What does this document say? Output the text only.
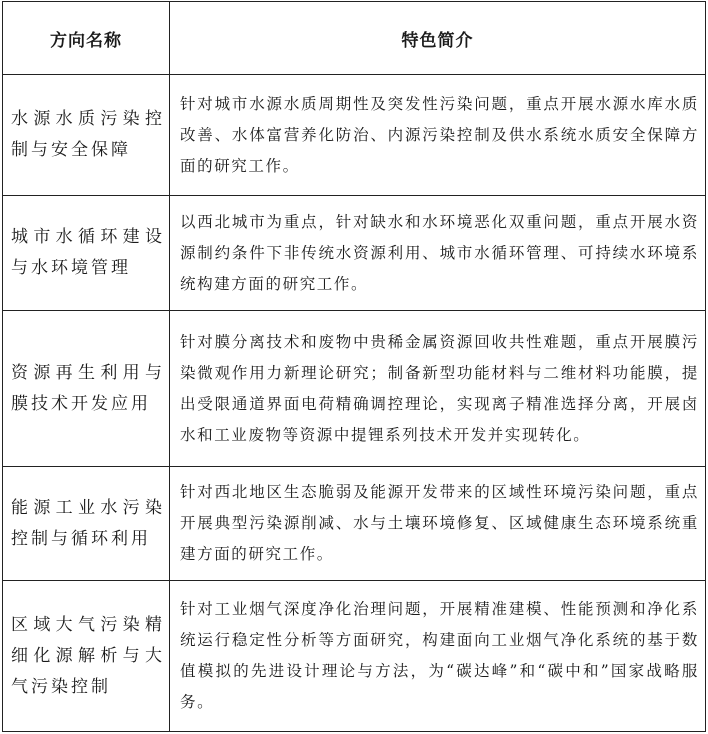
方向名称	特色简介
水源水质污染控制与安全保障	针对城市水源水质周期性及突发性污染问题，重点开展水源水库水质改善、水体富营养化防治、内源污染控制及供水系统水质安全保障方面的研究工作。
城市水循环建设与水环境管理	以西北城市为重点，针对缺水和水环境恶化双重问题，重点开展水资源制约条件下非传统水资源利用、城市水循环管理、可持续水环境系统构建方面的研究工作。
资源再生利用与膜技术开发应用	针对膜分离技术和废物中贵稀金属资源回收共性难题，重点开展膜污染微观作用力新理论研究；制备新型功能材料与二维材料功能膜，提出受限通道界面电荷精确调控理论，实现离子精准选择分离，开展卤水和工业废物等资源中提锂系列技术开发并实现转化。
能源工业水污染控制与循环利用	针对西北地区生态脆弱及能源开发带来的区域性环境污染问题，重点开展典型污染源削减、水与土壤环境修复、区域健康生态环境系统重建方面的研究工作。
区域大气污染精细化源解析与大气污染控制	针对工业烟气深度净化治理问题，开展精准建模、性能预测和净化系统运行稳定性分析等方面研究，构建面向工业烟气净化系统的基于数值模拟的先进设计理论与方法，为“碳达峰”和“碳中和”国家战略服务。
